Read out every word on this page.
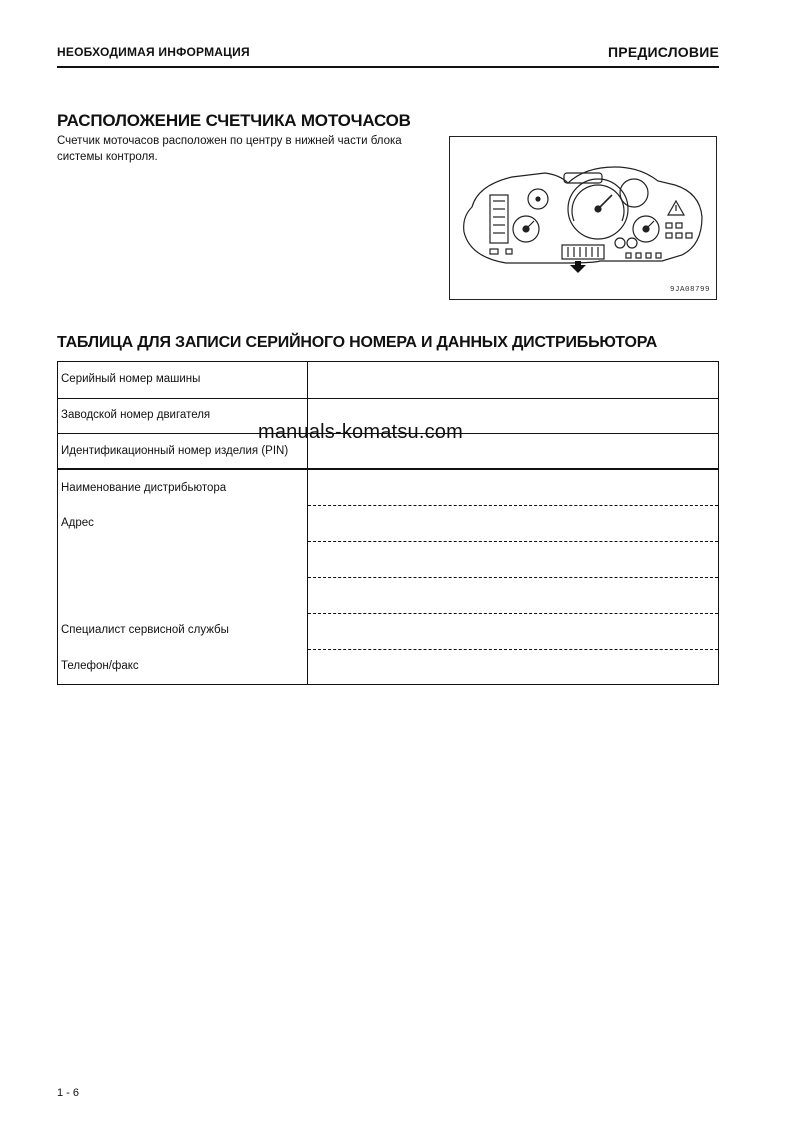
НЕОБХОДИМАЯ ИНФОРМАЦИЯ	ПРЕДИСЛОВИЕ
РАСПОЛОЖЕНИЕ СЧЕТЧИКА МОТОЧАСОВ
Счетчик моточасов расположен по центру в нижней части блока системы контроля.
9JA08799
ТАБЛИЦА ДЛЯ ЗАПИСИ СЕРИЙНОГО НОМЕРА И ДАННЫХ ДИСТРИБЬЮТОРА
Серийный номер машины
Заводской номер двигателя
Идентификационный номер изделия (PIN)
Наименование дистрибьютора
Адрес
Специалист сервисной службы
Телефон/факс
manuals-komatsu.com
1 - 6
